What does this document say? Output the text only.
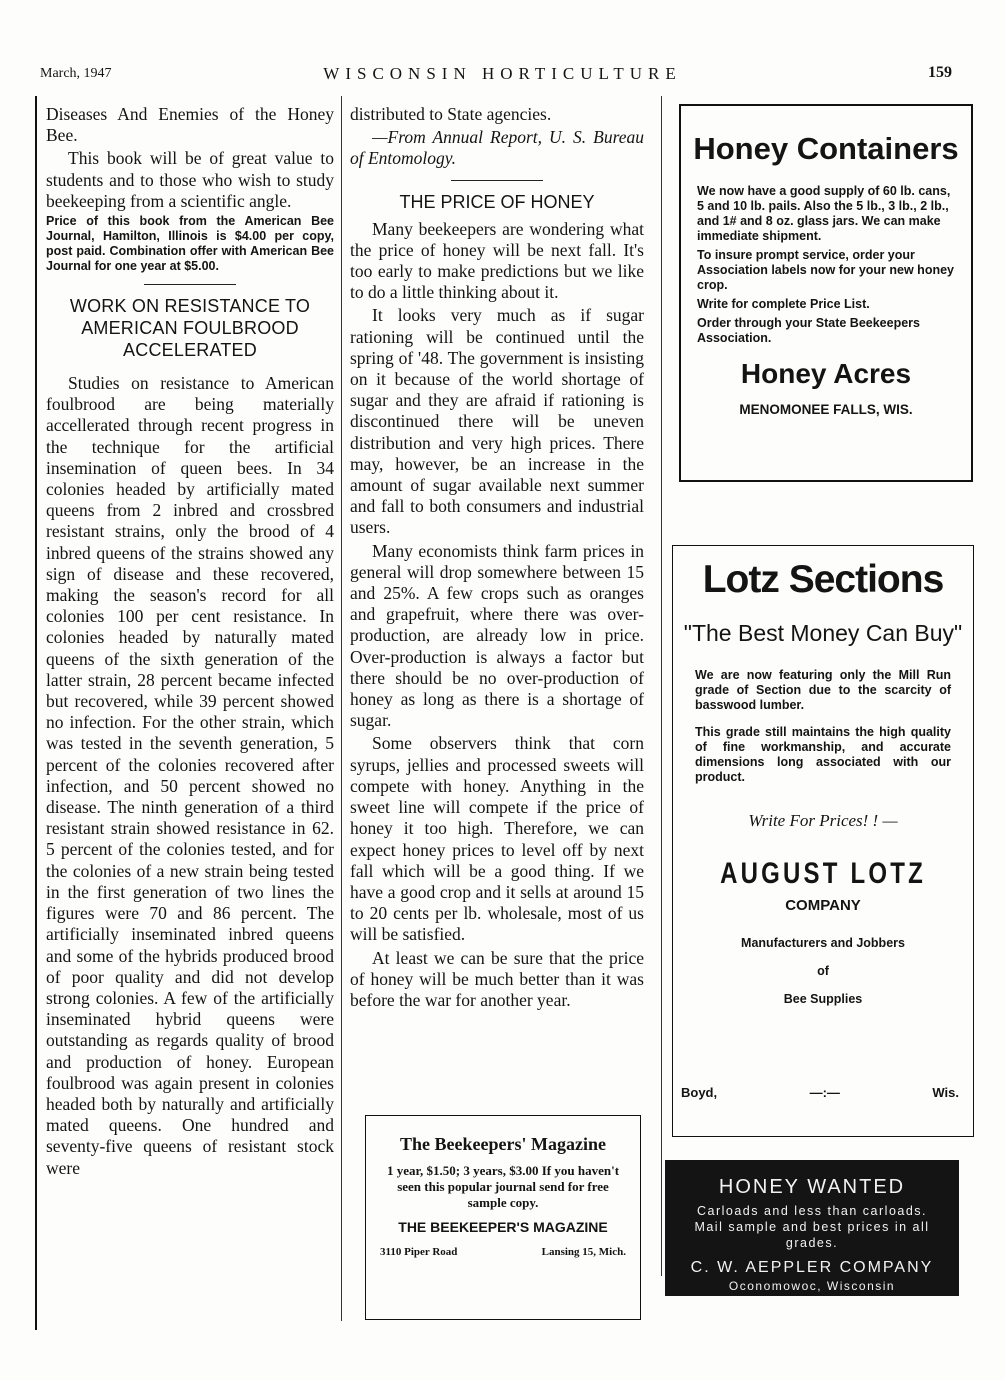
March, 1947	WISCONSIN HORTICULTURE	159

Diseases And Enemies of the Honey Bee.

This book will be of great value to students and to those who wish to study beekeeping from a scientific angle.

Price of this book from the American Bee Journal, Hamilton, Illinois is $4.00 per copy, post paid. Combination offer with American Bee Journal for one year at $5.00.

WORK ON RESISTANCE TO AMERICAN FOULBROOD ACCELERATED

Studies on resistance to American foulbrood are being materially accellerated through recent progress in the technique for the artificial insemination of queen bees. In 34 colonies headed by artificially mated queens from 2 inbred and crossbred resistant strains, only the brood of 4 inbred queens of the strains showed any sign of disease and these recovered, making the season's record for all colonies 100 per cent resistance. In colonies headed by naturally mated queens of the sixth generation of the latter strain, 28 percent became infected but recovered, while 39 percent showed no infection. For the other strain, which was tested in the seventh generation, 5 percent of the colonies recovered after infection, and 50 percent showed no disease. The ninth generation of a third resistant strain showed resistance in 62. 5 percent of the colonies tested, and for the colonies of a new strain being tested in the first generation of two lines the figures were 70 and 86 percent. The artificially inseminated inbred queens and some of the hybrids produced brood of poor quality and did not develop strong colonies. A few of the artificially inseminated hybrid queens were outstanding as regards quality of brood and production of honey. European foulbrood was again present in colonies headed both by naturally and artificially mated queens. One hundred and seventy-five queens of resistant stock were

distributed to State agencies.

—From Annual Report, U. S. Bureau of Entomology.

THE PRICE OF HONEY

Many beekeepers are wondering what the price of honey will be next fall. It's too early to make predictions but we like to do a little thinking about it.

It looks very much as if sugar rationing will be continued until the spring of '48. The government is insisting on it because of the world shortage of sugar and they are afraid if rationing is discontinued there will be uneven distribution and very high prices. There may, however, be an increase in the amount of sugar available next summer and fall to both consumers and industrial users.

Many economists think farm prices in general will drop somewhere between 15 and 25%. A few crops such as oranges and grapefruit, where there was over-production, are already low in price. Over-production is always a factor but there should be no over-production of honey as long as there is a shortage of sugar.

Some observers think that corn syrups, jellies and processed sweets will compete with honey. Anything in the sweet line will compete if the price of honey it too high. Therefore, we can expect honey prices to level off by next fall which will be a good thing. If we have a good crop and it sells at around 15 to 20 cents per lb. wholesale, most of us will be satisfied.

At least we can be sure that the price of honey will be much better than it was before the war for another year.

Honey Containers
We now have a good supply of 60 lb. cans, 5 and 10 lb. pails. Also the 5 lb., 3 lb., 2 lb., and 1# and 8 oz. glass jars. We can make immediate shipment.
To insure prompt service, order your Association labels now for your new honey crop.
Write for complete Price List.
Order through your State Beekeepers Association.
Honey Acres
MENOMONEE FALLS, WIS.
Lotz Sections
"The Best Money Can Buy"
We are now featuring only the Mill Run grade of Section due to the scarcity of basswood lumber.
This grade still maintains the high quality of fine workmanship, and accurate dimensions long associated with our product.
Write For Prices! ! —
AUGUST LOTZ
COMPANY
Manufacturers and Jobbers
of
Bee Supplies
Boyd,	—:—	Wis.
The Beekeepers' Magazine
1 year, $1.50; 3 years, $3.00 If you haven't seen this popular journal send for free sample copy.
THE BEEKEEPER'S MAGAZINE
3110 Piper Road	Lansing 15, Mich.
HONEY WANTED
Carloads and less than carloads. Mail sample and best prices in all grades.
C. W. AEPPLER COMPANY
Oconomowoc, Wisconsin
